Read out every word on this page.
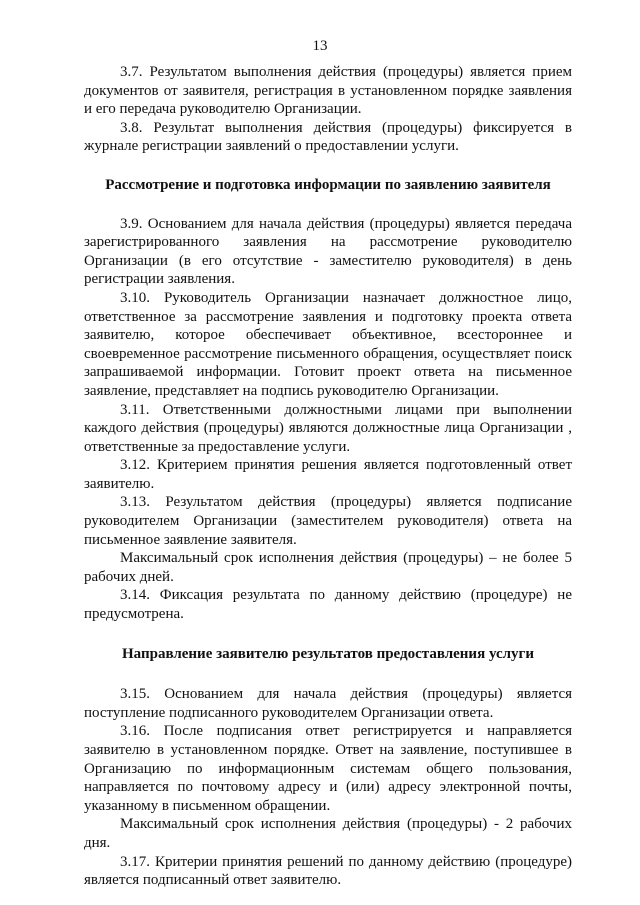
13

3.7. Результатом выполнения действия (процедуры) является прием документов от заявителя, регистрация в установленном порядке заявления и его передача руководителю Организации.

3.8. Результат выполнения действия (процедуры) фиксируется в журнале регистрации заявлений о предоставлении услуги.

Рассмотрение и подготовка информации по заявлению заявителя

3.9. Основанием для начала действия (процедуры) является передача зарегистрированного заявления на рассмотрение руководителю Организации (в его отсутствие - заместителю руководителя) в день регистрации заявления.

3.10. Руководитель Организации назначает должностное лицо, ответственное за рассмотрение заявления и подготовку проекта ответа заявителю, которое обеспечивает объективное, всестороннее и своевременное рассмотрение письменного обращения, осуществляет поиск запрашиваемой информации. Готовит проект ответа на письменное заявление, представляет на подпись руководителю Организации.

3.11. Ответственными должностными лицами при выполнении каждого действия (процедуры) являются должностные лица Организации , ответственные за предоставление услуги.

3.12. Критерием принятия решения является подготовленный ответ заявителю.

3.13. Результатом действия (процедуры) является подписание руководителем Организации (заместителем руководителя) ответа на письменное заявление заявителя.

Максимальный срок исполнения действия (процедуры) – не более 5 рабочих дней.

3.14. Фиксация результата по данному действию (процедуре) не предусмотрена.

Направление заявителю результатов предоставления услуги

3.15. Основанием для начала действия (процедуры) является поступление подписанного руководителем Организации ответа.

3.16. После подписания ответ регистрируется и направляется заявителю в установленном порядке. Ответ на заявление, поступившее в Организацию по информационным системам общего пользования, направляется по почтовому адресу и (или) адресу электронной почты, указанному в письменном обращении.

Максимальный срок исполнения действия (процедуры) - 2 рабочих дня.

3.17. Критерии принятия решений по данному действию (процедуре) является подписанный ответ заявителю.
